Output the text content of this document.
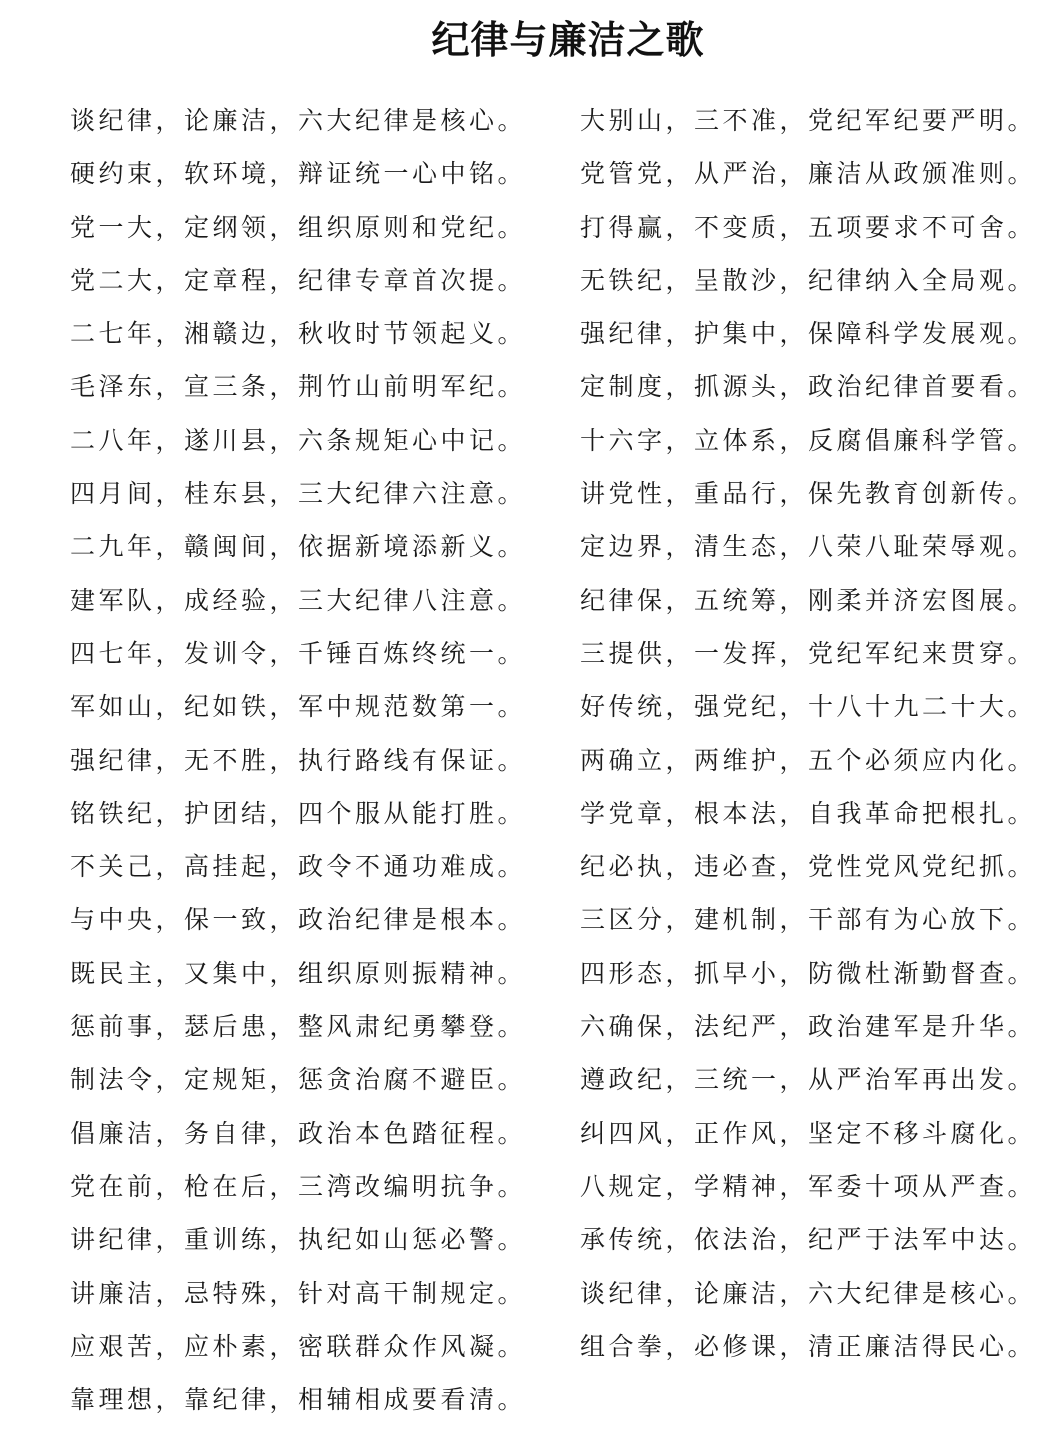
纪律与廉洁之歌
谈纪律，论廉洁，六大纪律是核心。
硬约束，软环境，辩证统一心中铭。
党一大，定纲领，组织原则和党纪。
党二大，定章程，纪律专章首次提。
二七年，湘赣边，秋收时节领起义。
毛泽东，宣三条，荆竹山前明军纪。
二八年，遂川县，六条规矩心中记。
四月间，桂东县，三大纪律六注意。
二九年，赣闽间，依据新境添新义。
建军队，成经验，三大纪律八注意。
四七年，发训令，千锤百炼终统一。
军如山，纪如铁，军中规范数第一。
强纪律，无不胜，执行路线有保证。
铭铁纪，护团结，四个服从能打胜。
不关己，高挂起，政令不通功难成。
与中央，保一致，政治纪律是根本。
既民主，又集中，组织原则振精神。
惩前事，瑟后患，整风肃纪勇攀登。
制法令，定规矩，惩贪治腐不避臣。
倡廉洁，务自律，政治本色踏征程。
党在前，枪在后，三湾改编明抗争。
讲纪律，重训练，执纪如山惩必警。
讲廉洁，忌特殊，针对高干制规定。
应艰苦，应朴素，密联群众作风凝。
靠理想，靠纪律，相辅相成要看清。
大别山，三不准，党纪军纪要严明。
党管党，从严治，廉洁从政颁准则。
打得赢，不变质，五项要求不可舍。
无铁纪，呈散沙，纪律纳入全局观。
强纪律，护集中，保障科学发展观。
定制度，抓源头，政治纪律首要看。
十六字，立体系，反腐倡廉科学管。
讲党性，重品行，保先教育创新传。
定边界，清生态，八荣八耻荣辱观。
纪律保，五统筹，刚柔并济宏图展。
三提供，一发挥，党纪军纪来贯穿。
好传统，强党纪，十八十九二十大。
两确立，两维护，五个必须应内化。
学党章，根本法，自我革命把根扎。
纪必执，违必查，党性党风党纪抓。
三区分，建机制，干部有为心放下。
四形态，抓早小，防微杜渐勤督查。
六确保，法纪严，政治建军是升华。
遵政纪，三统一，从严治军再出发。
纠四风，正作风，坚定不移斗腐化。
八规定，学精神，军委十项从严查。
承传统，依法治，纪严于法军中达。
谈纪律，论廉洁，六大纪律是核心。
组合拳，必修课，清正廉洁得民心。
